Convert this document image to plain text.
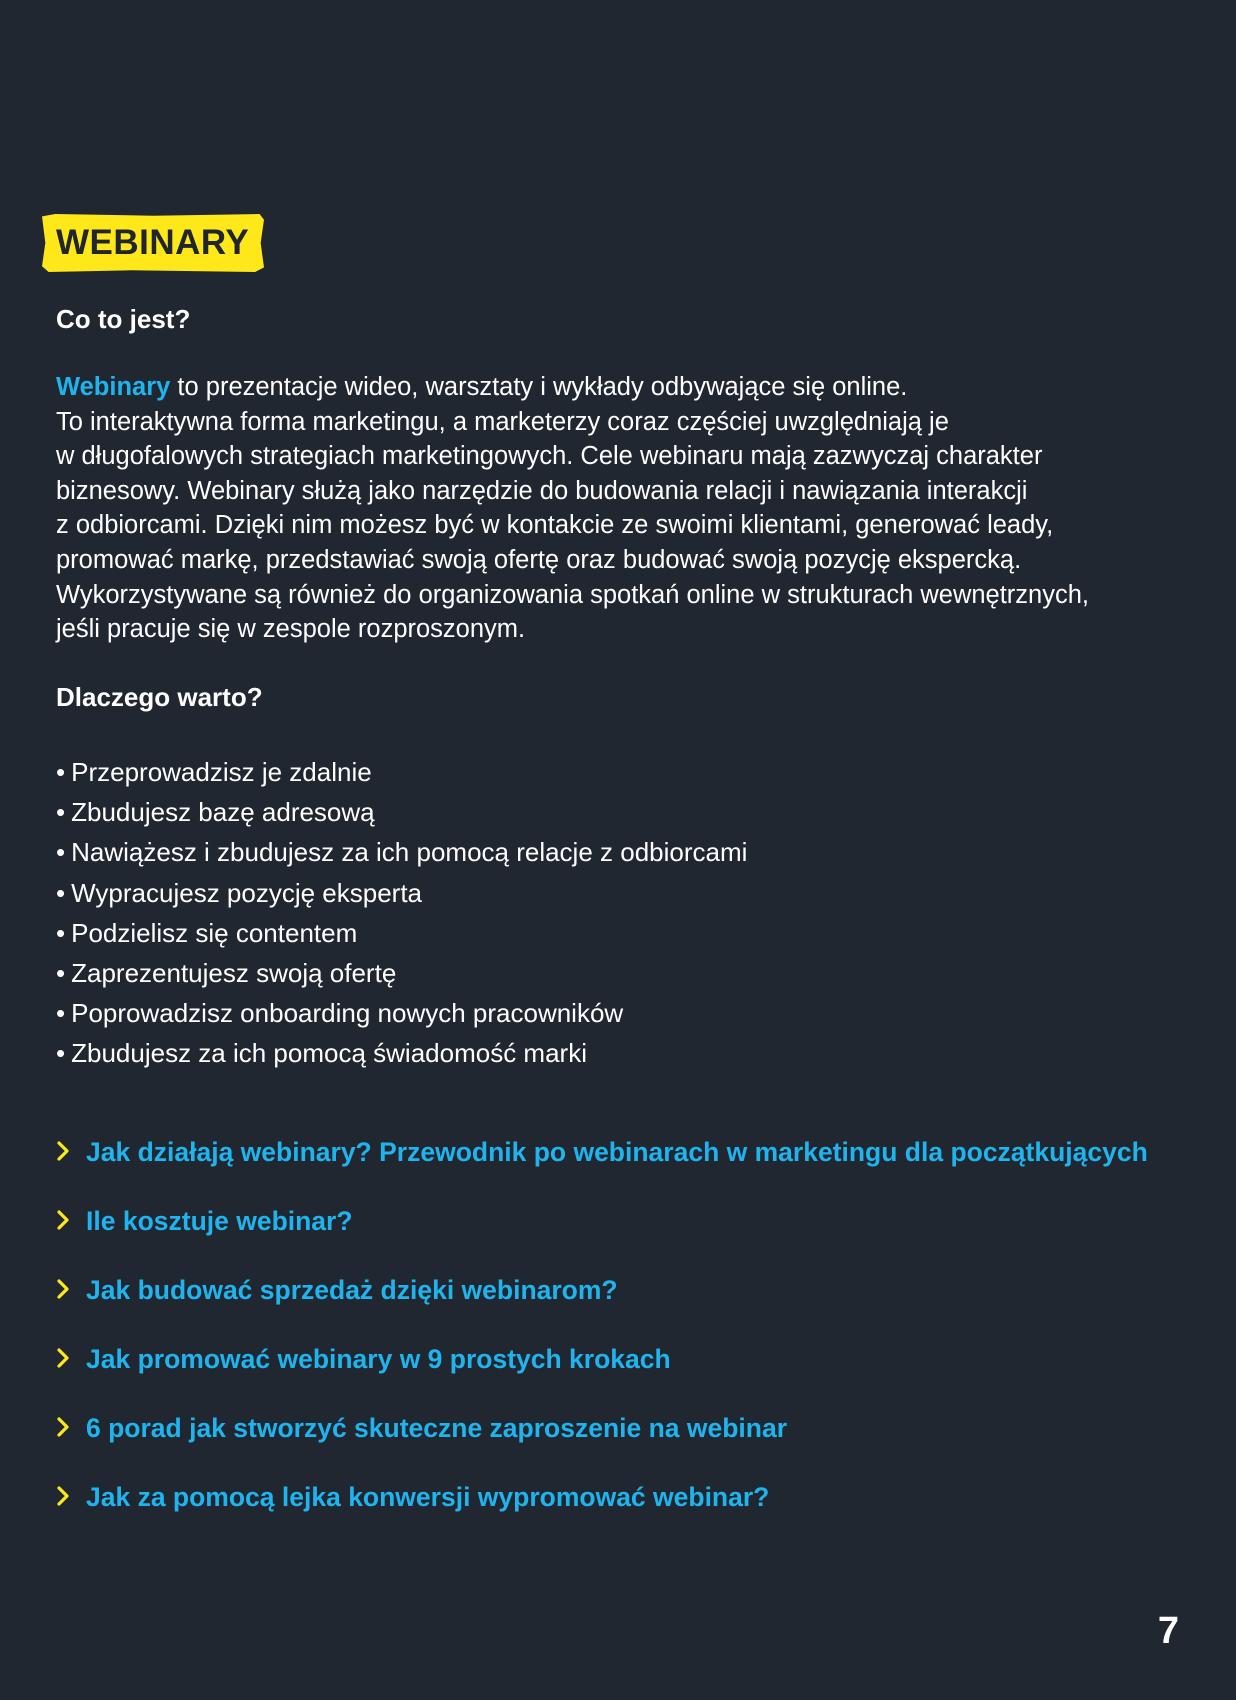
WEBINARY
Co to jest?
Webinary to prezentacje wideo, warsztaty i wykłady odbywające się online.
To interaktywna forma marketingu, a marketerzy coraz częściej uwzględniają je
w długofalowych strategiach marketingowych. Cele webinaru mają zazwyczaj charakter
biznesowy. Webinary służą jako narzędzie do budowania relacji i nawiązania interakcji
z odbiorcami. Dzięki nim możesz być w kontakcie ze swoimi klientami, generować leady,
promować markę, przedstawiać swoją ofertę oraz budować swoją pozycję ekspercką.
Wykorzystywane są również do organizowania spotkań online w strukturach wewnętrznych,
jeśli pracuje się w zespole rozproszonym.
Dlaczego warto?
• Przeprowadzisz je zdalnie
• Zbudujesz bazę adresową
• Nawiążesz i zbudujesz za ich pomocą relacje z odbiorcami
• Wypracujesz pozycję eksperta
• Podzielisz się contentem
• Zaprezentujesz swoją ofertę
• Poprowadzisz onboarding nowych pracowników
• Zbudujesz za ich pomocą świadomość marki
Jak działają webinary? Przewodnik po webinarach w marketingu dla początkujących
Ile kosztuje webinar?
Jak budować sprzedaż dzięki webinarom?
Jak promować webinary w 9 prostych krokach
6 porad jak stworzyć skuteczne zaproszenie na webinar
Jak za pomocą lejka konwersji wypromować webinar?
7
